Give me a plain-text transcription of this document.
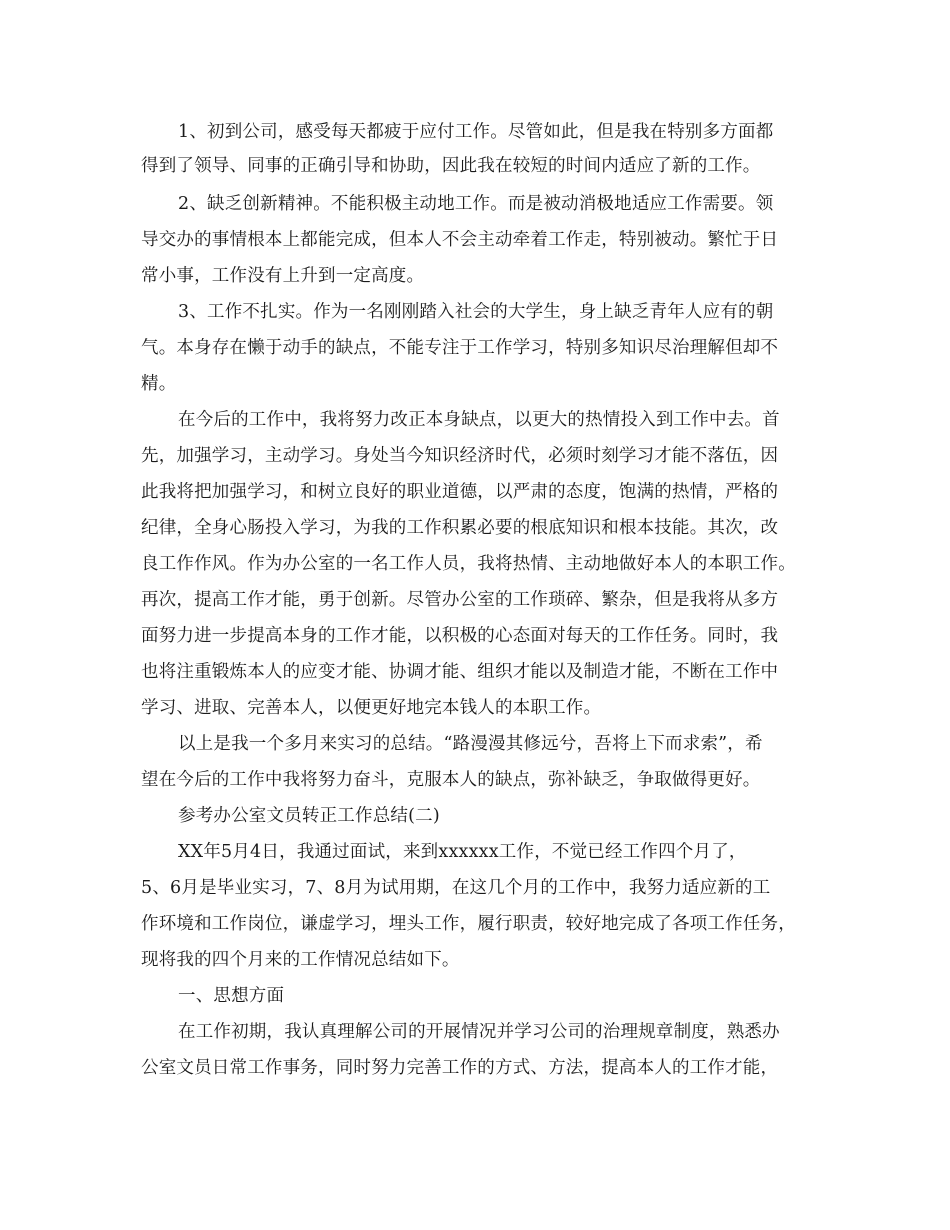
1、初到公司，感受每天都疲于应付工作。尽管如此，但是我在特别多方面都
得到了领导、同事的正确引导和协助，因此我在较短的时间内适应了新的工作。
2、缺乏创新精神。不能积极主动地工作。而是被动消极地适应工作需要。领
导交办的事情根本上都能完成，但本人不会主动牵着工作走，特别被动。繁忙于日
常小事，工作没有上升到一定高度。
3、工作不扎实。作为一名刚刚踏入社会的大学生，身上缺乏青年人应有的朝
气。本身存在懒于动手的缺点，不能专注于工作学习，特别多知识尽治理解但却不
精。
在今后的工作中，我将努力改正本身缺点，以更大的热情投入到工作中去。首
先，加强学习，主动学习。身处当今知识经济时代，必须时刻学习才能不落伍，因
此我将把加强学习，和树立良好的职业道德，以严肃的态度，饱满的热情，严格的
纪律，全身心肠投入学习，为我的工作积累必要的根底知识和根本技能。其次，改
良工作作风。作为办公室的一名工作人员，我将热情、主动地做好本人的本职工作。
再次，提高工作才能，勇于创新。尽管办公室的工作琐碎、繁杂，但是我将从多方
面努力进一步提高本身的工作才能，以积极的心态面对每天的工作任务。同时，我
也将注重锻炼本人的应变才能、协调才能、组织才能以及制造才能，不断在工作中
学习、进取、完善本人，以便更好地完本钱人的本职工作。
以上是我一个多月来实习的总结。“路漫漫其修远兮，吾将上下而求索”，希
望在今后的工作中我将努力奋斗，克服本人的缺点，弥补缺乏，争取做得更好。
参考办公室文员转正工作总结(二)
XX年5月4日，我通过面试，来到xxxxxx工作，不觉已经工作四个月了，
5、6月是毕业实习，7、8月为试用期，在这几个月的工作中，我努力适应新的工
作环境和工作岗位，谦虚学习，埋头工作，履行职责，较好地完成了各项工作任务，
现将我的四个月来的工作情况总结如下。
一、思想方面
在工作初期，我认真理解公司的开展情况并学习公司的治理规章制度，熟悉办
公室文员日常工作事务，同时努力完善工作的方式、方法，提高本人的工作才能，
